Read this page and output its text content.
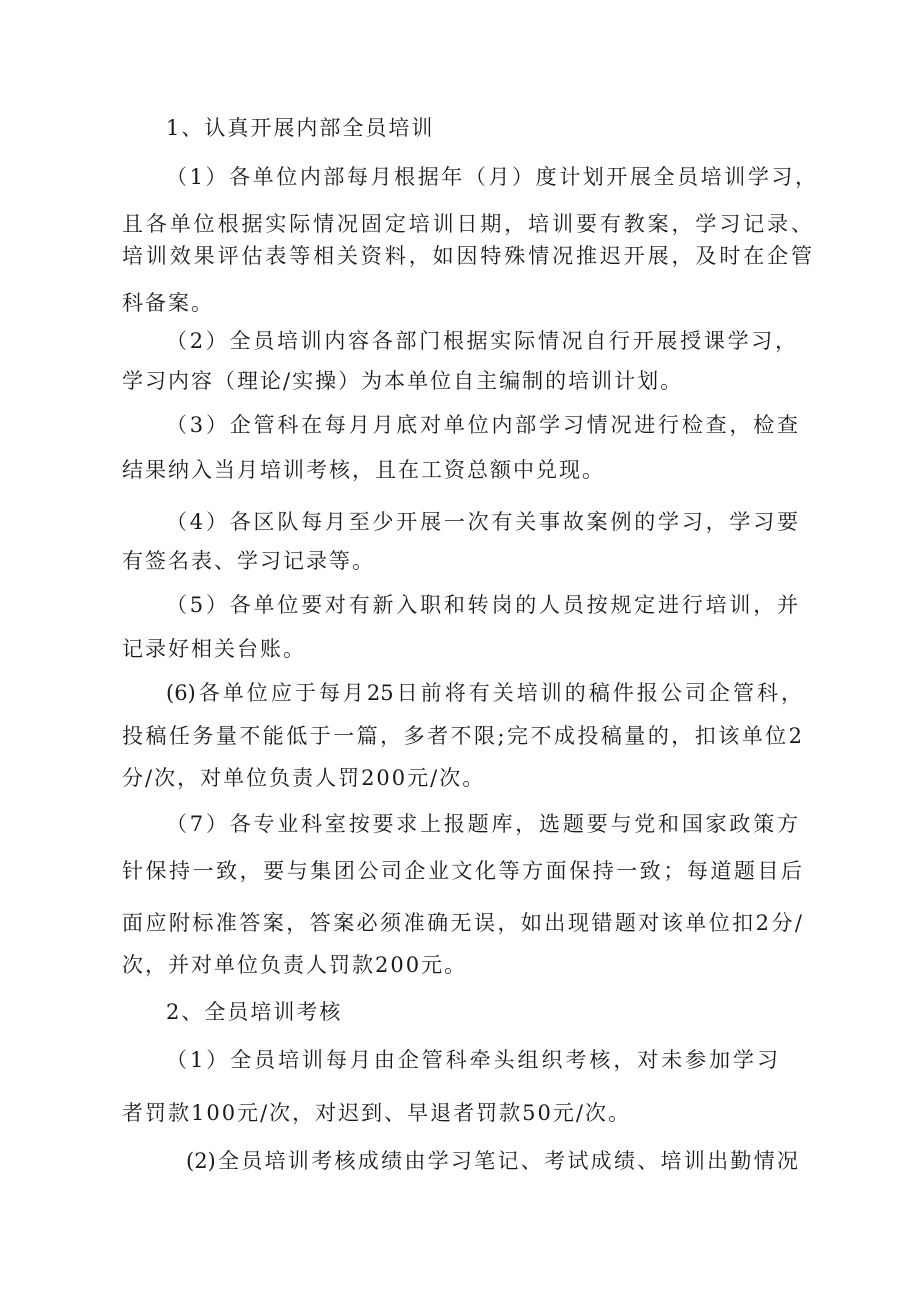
1、认真开展内部全员培训
（1）各单位内部每月根据年（月）度计划开展全员培训学习，
且各单位根据实际情况固定培训日期，培训要有教案，学习记录、
培训效果评估表等相关资料，如因特殊情况推迟开展，及时在企管
科备案。
（2）全员培训内容各部门根据实际情况自行开展授课学习，
学习内容（理论/实操）为本单位自主编制的培训计划。
（3）企管科在每月月底对单位内部学习情况进行检查，检查
结果纳入当月培训考核，且在工资总额中兑现。
（4）各区队每月至少开展一次有关事故案例的学习，学习要
有签名表、学习记录等。
（5）各单位要对有新入职和转岗的人员按规定进行培训，并
记录好相关台账。
(6)各单位应于每月25日前将有关培训的稿件报公司企管科，
投稿任务量不能低于一篇，多者不限;完不成投稿量的，扣该单位2
分/次，对单位负责人罚200元/次。
（7）各专业科室按要求上报题库，选题要与党和国家政策方
针保持一致，要与集团公司企业文化等方面保持一致；每道题目后
面应附标准答案，答案必须准确无误，如出现错题对该单位扣2分/
次，并对单位负责人罚款200元。
2、全员培训考核
（1）全员培训每月由企管科牵头组织考核，对未参加学习
者罚款100元/次，对迟到、早退者罚款50元/次。
(2)全员培训考核成绩由学习笔记、考试成绩、培训出勤情况
